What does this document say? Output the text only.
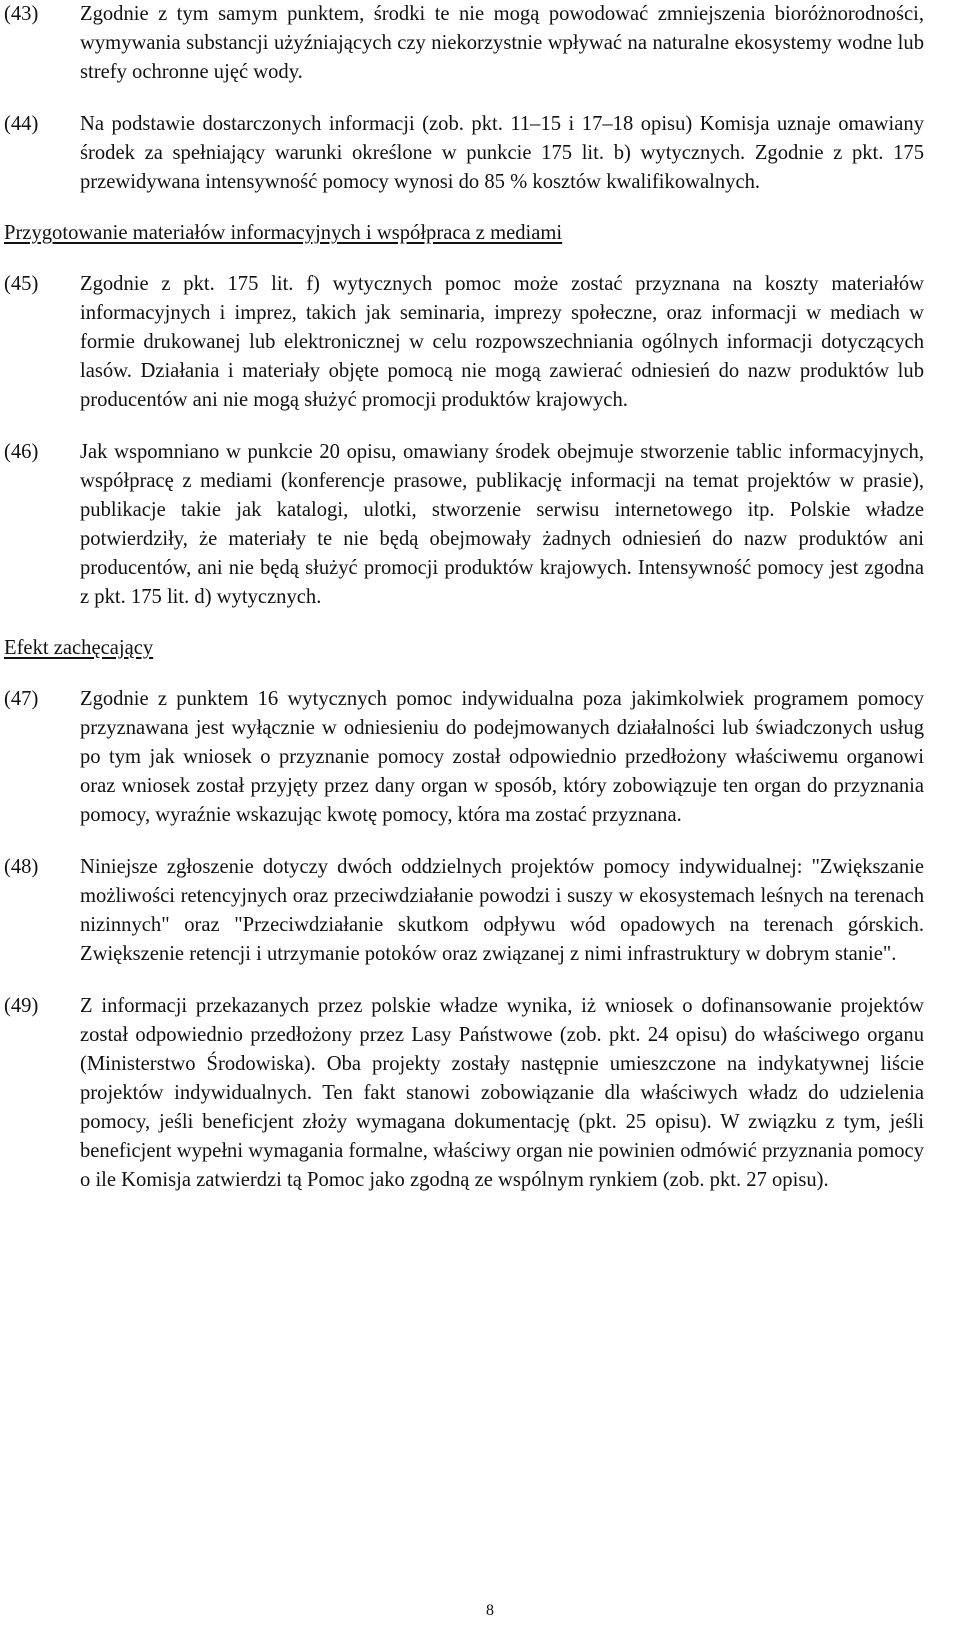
(43)	Zgodnie z tym samym punktem, środki te nie mogą powodować zmniejszenia bioróżnorodności, wymywania substancji użyźniających czy niekorzystnie wpływać na naturalne ekosystemy wodne lub strefy ochronne ujęć wody.
(44)	Na podstawie dostarczonych informacji (zob. pkt. 11–15 i 17–18 opisu) Komisja uznaje omawiany środek za spełniający warunki określone w punkcie 175 lit. b) wytycznych. Zgodnie z pkt. 175 przewidywana intensywność pomocy wynosi do 85 % kosztów kwalifikowalnych.
Przygotowanie materiałów informacyjnych i współpraca z mediami
(45)	Zgodnie z pkt. 175 lit. f) wytycznych pomoc może zostać przyznana na koszty materiałów informacyjnych i imprez, takich jak seminaria, imprezy społeczne, oraz informacji w mediach w formie drukowanej lub elektronicznej w celu rozpowszechniania ogólnych informacji dotyczących lasów. Działania i materiały objęte pomocą nie mogą zawierać odniesień do nazw produktów lub producentów ani nie mogą służyć promocji produktów krajowych.
(46)	Jak wspomniano w punkcie 20 opisu, omawiany środek obejmuje stworzenie tablic informacyjnych, współpracę z mediami (konferencje prasowe, publikację informacji na temat projektów w prasie), publikacje takie jak katalogi, ulotki, stworzenie serwisu internetowego itp. Polskie władze potwierdziły, że materiały te nie będą obejmowały żadnych odniesień do nazw produktów ani producentów, ani nie będą służyć promocji produktów krajowych. Intensywność pomocy jest zgodna z pkt. 175 lit. d) wytycznych.
Efekt zachęcający
(47)	Zgodnie z punktem 16 wytycznych pomoc indywidualna poza jakimkolwiek programem pomocy przyznawana jest wyłącznie w odniesieniu do podejmowanych działalności lub świadczonych usług po tym jak wniosek o przyznanie pomocy został odpowiednio przedłożony właściwemu organowi oraz wniosek został przyjęty przez dany organ w sposób, który zobowiązuje ten organ do przyznania pomocy, wyraźnie wskazując kwotę pomocy, która ma zostać przyznana.
(48)	Niniejsze zgłoszenie dotyczy dwóch oddzielnych projektów pomocy indywidualnej: "Zwiększanie możliwości retencyjnych oraz przeciwdziałanie powodzi i suszy w ekosystemach leśnych na terenach nizinnych" oraz "Przeciwdziałanie skutkom odpływu wód opadowych na terenach górskich. Zwiększenie retencji i utrzymanie potoków oraz związanej z nimi infrastruktury w dobrym stanie".
(49)	Z informacji przekazanych przez polskie władze wynika, iż wniosek o dofinansowanie projektów został odpowiednio przedłożony przez Lasy Państwowe (zob. pkt. 24 opisu) do właściwego organu (Ministerstwo Środowiska). Oba projekty zostały następnie umieszczone na indykatywnej liście projektów indywidualnych. Ten fakt stanowi zobowiązanie dla właściwych władz do udzielenia pomocy, jeśli beneficjent złoży wymagana dokumentację (pkt. 25 opisu). W związku z tym, jeśli beneficjent wypełni wymagania formalne, właściwy organ nie powinien odmówić przyznania pomocy o ile Komisja zatwierdzi tą Pomoc jako zgodną ze wspólnym rynkiem (zob. pkt. 27 opisu).
8
